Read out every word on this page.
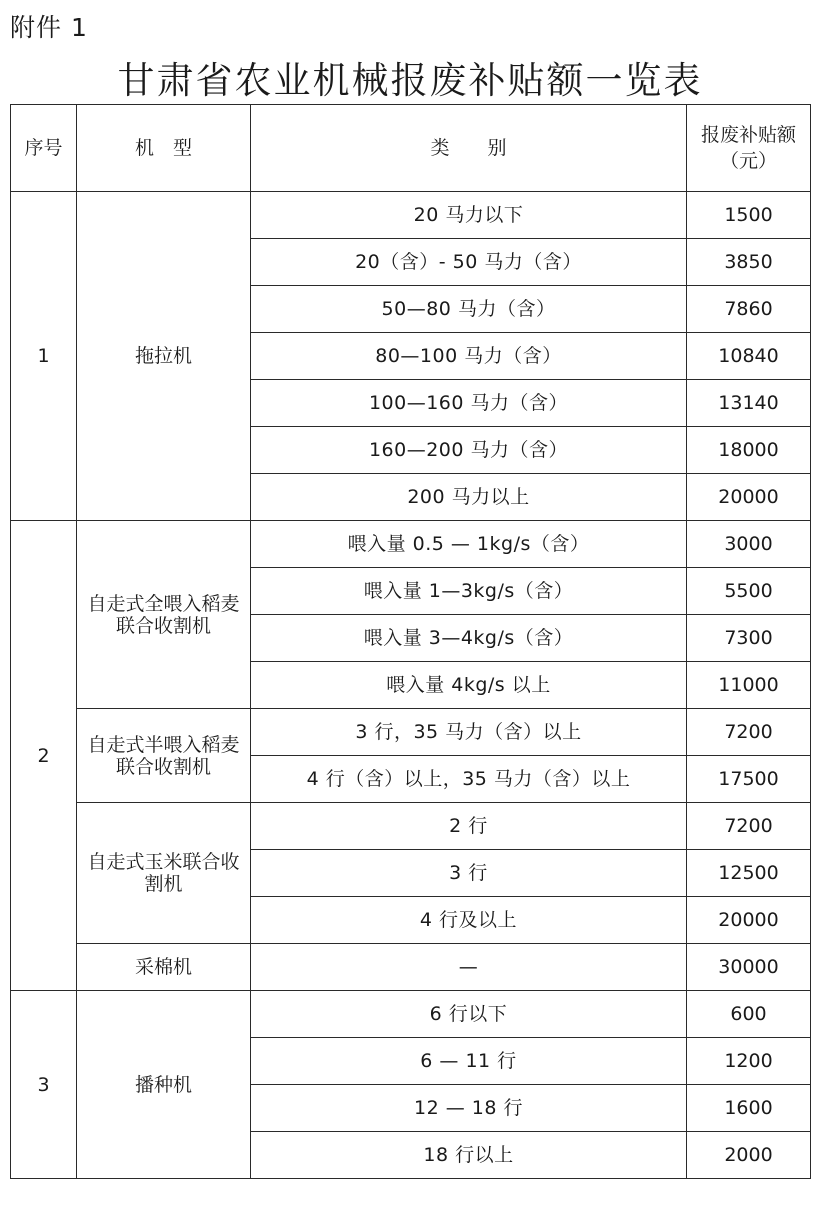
附件 1
甘肃省农业机械报废补贴额一览表
序号	机　型	类　　别	报废补贴额（元）
1	拖拉机	20 马力以下	1500
		20（含）- 50 马力（含）	3850
		50—80 马力（含）	7860
		80—100 马力（含）	10840
		100—160 马力（含）	13140
		160—200 马力（含）	18000
		200 马力以上	20000
2	自走式全喂入稻麦联合收割机	喂入量 0.5 — 1kg/s（含）	3000
		喂入量 1—3kg/s（含）	5500
		喂入量 3—4kg/s（含）	7300
		喂入量 4kg/s 以上	11000
	自走式半喂入稻麦联合收割机	3 行，35 马力（含）以上	7200
		4 行（含）以上，35 马力（含）以上	17500
	自走式玉米联合收割机	2 行	7200
		3 行	12500
		4 行及以上	20000
	采棉机	—	30000
3	播种机	6 行以下	600
		6 — 11 行	1200
		12 — 18 行	1600
		18 行以上	2000
